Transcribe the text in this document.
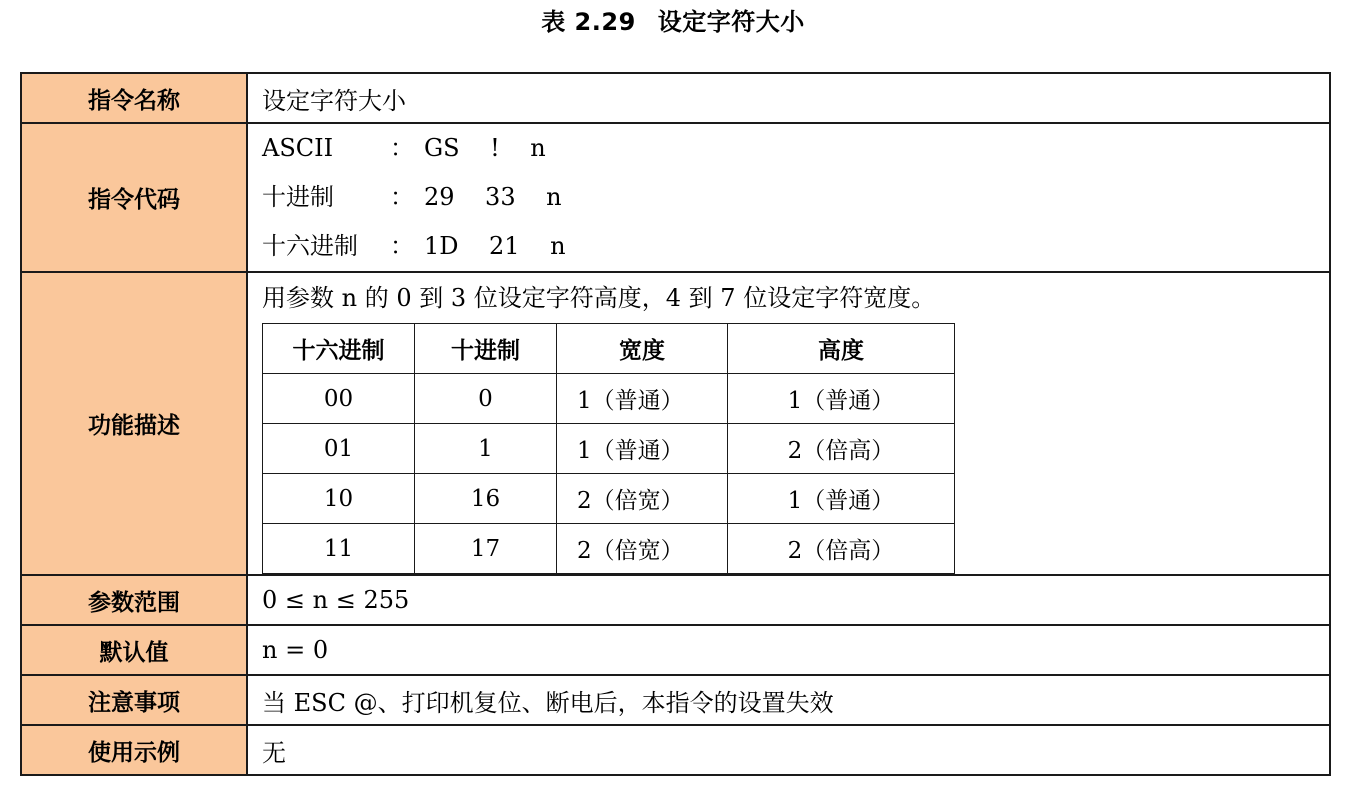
表 2.29 设定字符大小
指令名称	设定字符大小
指令代码	
ASCII ： GS    !    n
十进制 ： 29    33    n
十六进制 ： 1D    21    n

功能描述	
用参数 n 的 0 到 3 位设定字符高度，4 到 7 位设定字符宽度。
十六进制	十进制	宽度	高度
00	0	1（普通）	1（普通）
01	1	1（普通）	2（倍高）
10	16	2（倍宽）	1（普通）
11	17	2（倍宽）	2（倍高）

参数范围	0 ≤ n ≤ 255
默认值	n = 0
注意事项	当 ESC @、打印机复位、断电后，本指令的设置失效
使用示例	无
